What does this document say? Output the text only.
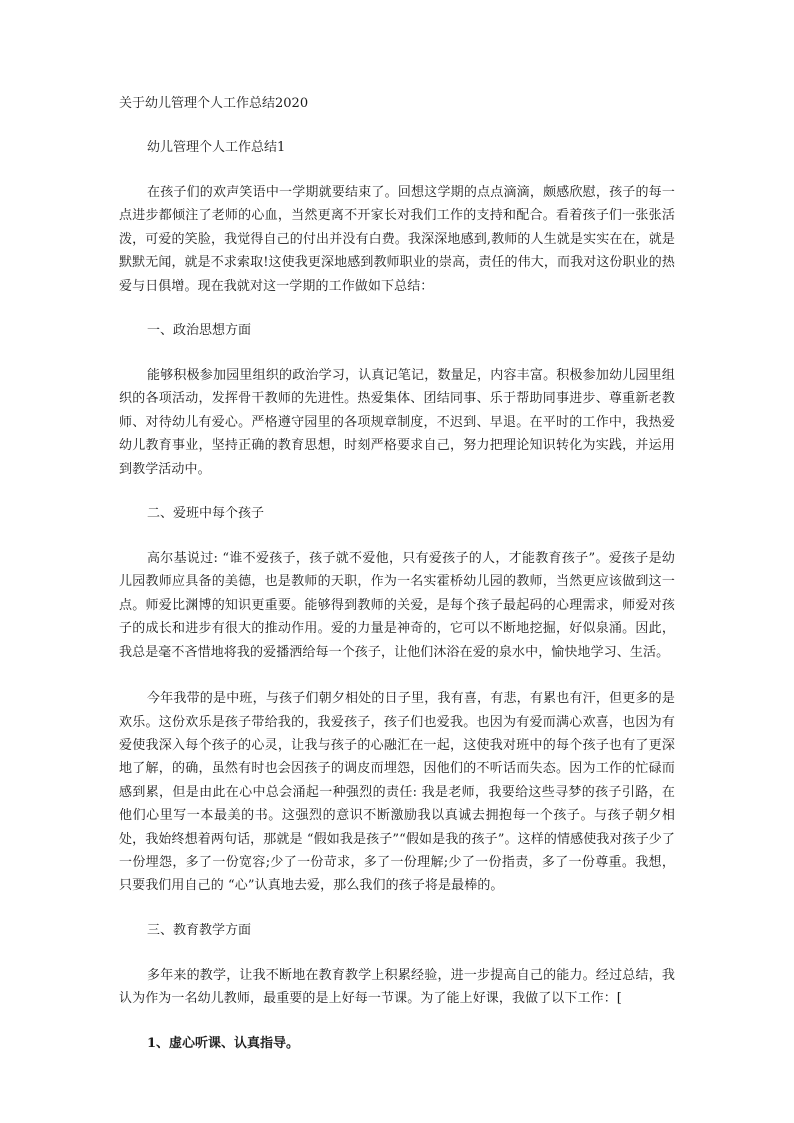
关于幼儿管理个人工作总结2020

幼儿管理个人工作总结1

在孩子们的欢声笑语中一学期就要结束了。回想这学期的点点滴滴，颇感欣慰，孩子的每一点进步都倾注了老师的心血，当然更离不开家长对我们工作的支持和配合。看着孩子们一张张活泼，可爱的笑脸，我觉得自己的付出并没有白费。我深深地感到,教师的人生就是实实在在，就是默默无闻，就是不求索取!这使我更深地感到教师职业的崇高，责任的伟大，而我对这份职业的热爱与日俱增。现在我就对这一学期的工作做如下总结：

一、政治思想方面

能够积极参加园里组织的政治学习，认真记笔记，数量足，内容丰富。积极参加幼儿园里组织的各项活动，发挥骨干教师的先进性。热爱集体、团结同事、乐于帮助同事进步、尊重新老教师、对待幼儿有爱心。严格遵守园里的各项规章制度，不迟到、早退。在平时的工作中，我热爱幼儿教育事业，坚持正确的教育思想，时刻严格要求自己，努力把理论知识转化为实践，并运用到教学活动中。

二、爱班中每个孩子

高尔基说过: “谁不爱孩子，孩子就不爱他，只有爱孩子的人，才能教育孩子”。爱孩子是幼儿园教师应具备的美德，也是教师的天职，作为一名实霍桥幼儿园的教师，当然更应该做到这一点。师爱比渊博的知识更重要。能够得到教师的关爱，是每个孩子最起码的心理需求，师爱对孩子的成长和进步有很大的推动作用。爱的力量是神奇的，它可以不断地挖掘，好似泉涌。因此，我总是毫不吝惜地将我的爱播洒给每一个孩子，让他们沐浴在爱的泉水中，愉快地学习、生活。

今年我带的是中班，与孩子们朝夕相处的日子里，我有喜，有悲，有累也有汗，但更多的是欢乐。这份欢乐是孩子带给我的，我爱孩子，孩子们也爱我。也因为有爱而满心欢喜，也因为有爱使我深入每个孩子的心灵，让我与孩子的心融汇在一起，这使我对班中的每个孩子也有了更深地了解，的确，虽然有时也会因孩子的调皮而埋怨，因他们的不听话而失态。因为工作的忙碌而感到累，但是由此在心中总会涌起一种强烈的责任: 我是老师，我要给这些寻梦的孩子引路，在他们心里写一本最美的书。这强烈的意识不断激励我以真诚去拥抱每一个孩子。与孩子朝夕相处，我始终想着两句话，那就是 “假如我是孩子”“假如是我的孩子”。这样的情感使我对孩子少了一份埋怨，多了一份宽容;少了一份苛求，多了一份理解;少了一份指责，多了一份尊重。我想，只要我们用自己的 “心”认真地去爱，那么我们的孩子将是最棒的。

三、教育教学方面

多年来的教学，让我不断地在教育教学上积累经验，进一步提高自己的能力。经过总结，我认为作为一名幼儿教师，最重要的是上好每一节课。为了能上好课，我做了以下工作：[

1、虚心听课、认真指导。
